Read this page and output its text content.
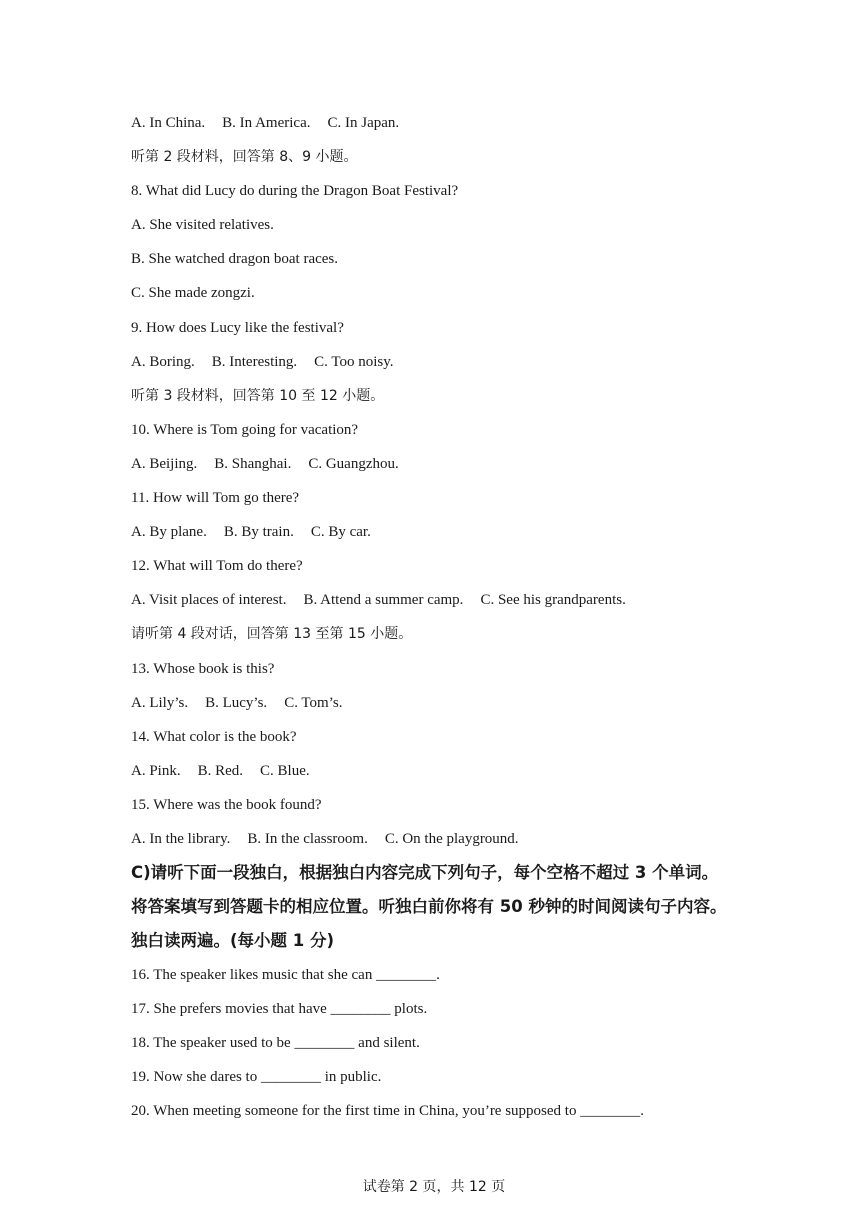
A. In China. B. In America. C. In Japan.
听第 2 段材料，回答第 8、9 小题。
8. What did Lucy do during the Dragon Boat Festival?
A. She visited relatives.
B. She watched dragon boat races.
C. She made zongzi.
9. How does Lucy like the festival?
A. Boring. B. Interesting. C. Too noisy.
听第 3 段材料，回答第 10 至 12 小题。
10. Where is Tom going for vacation?
A. Beijing. B. Shanghai. C. Guangzhou.
11. How will Tom go there?
A. By plane. B. By train. C. By car.
12. What will Tom do there?
A. Visit places of interest. B. Attend a summer camp. C. See his grandparents.
请听第 4 段对话，回答第 13 至第 15 小题。
13. Whose book is this?
A. Lily’s. B. Lucy’s. C. Tom’s.
14. What color is the book?
A. Pink. B. Red. C. Blue.
15. Where was the book found?
A. In the library. B. In the classroom. C. On the playground.
C)请听下面一段独白，根据独白内容完成下列句子，每个空格不超过 3 个单词。
将答案填写到答题卡的相应位置。听独白前你将有 50 秒钟的时间阅读句子内容。
独白读两遍。(每小题 1 分)
16. The speaker likes music that she can ________.
17. She prefers movies that have ________ plots.
18. The speaker used to be ________ and silent.
19. Now she dares to ________ in public.
20. When meeting someone for the first time in China, you’re supposed to ________.
试卷第 2 页，共 12 页
